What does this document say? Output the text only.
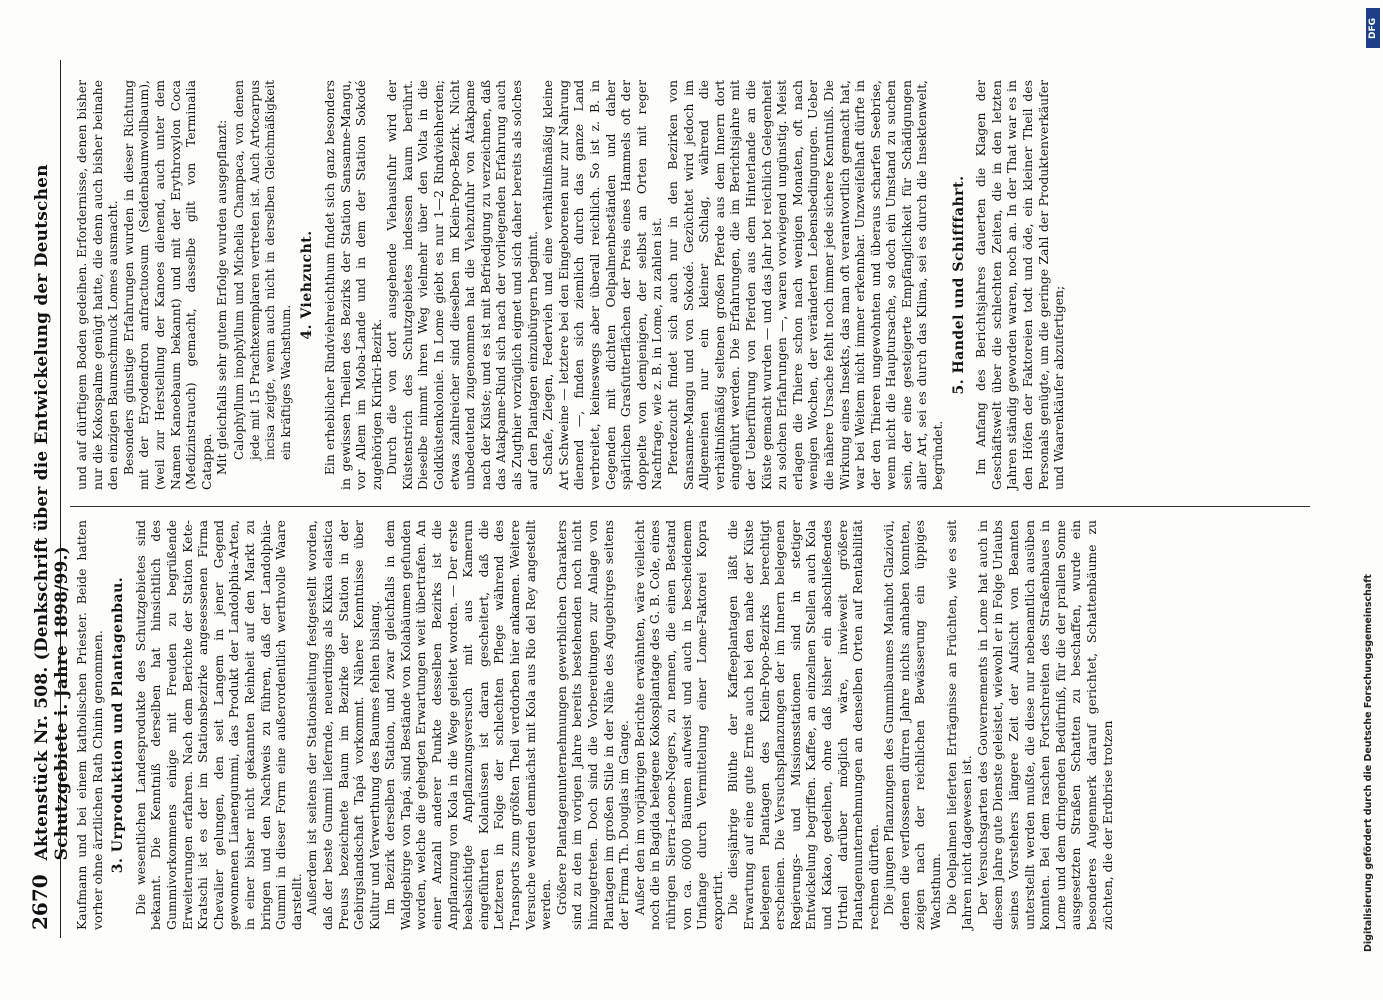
2670
Aktenstück Nr. 508. (Denkschrift über die Entwickelung der Deutschen Schutzgebiete i. Jahre 1898/99.) Kaufmann und bei einem katholischen Priester. Beide hatten vorher ohne ärztlichen Rath Chinin genommen. 3. Urproduktion und Plantagenbau. Die wesentlichen Landesprodukte des Schutzgebietes sind bekannt. Die Kenntniß derselben hat hinsichtlich des Gummivorkommens einige mit Freuden zu begrüßende Erweiterungen erfahren. Nach dem Berichte der Station Kete-Kratschi ist es der im Stationsbezirke angesessenen Firma Chevalier gelungen, den seit Langem in jener Gegend gewonnenen Lianengummi, das Produkt der Landolphia-Arten, in einer bisher nicht gekannten Reinheit auf den Markt zu bringen und den Nachweis zu führen, daß der Landolphia-Gummi in dieser Form eine außerordentlich werthvolle Waare darstellt. Außerdem ist seitens der Stationsleitung festgestellt worden, daß der beste Gummi liefernde, neuerdings als Kikxia elastica Preuss bezeichnete Baum im Bezirke der Station in der Gebirgslandschaft Tapá vorkommt. Nähere Kenntnisse über Kultur und Verwerthung des Baumes fehlen bislang. Im Bezirk derselben Station, und zwar gleichfalls in dem Waldgebirge von Tapá, sind Bestände von Kolabäumen gefunden worden, welche die gehegten Erwartungen weit übertrafen. An einer Anzahl anderer Punkte desselben Bezirks ist die Anpflanzung von Kola in die Wege geleitet worden. — Der erste beabsichtigte Anpflanzungsversuch mit aus Kamerun eingeführten Kolanüssen ist daran gescheitert, daß die Letzteren in Folge der schlechten Pflege während des Transports zum größten Theil verdorben hier ankamen. Weitere Versuche werden demnächst mit Kola aus Rio del Rey angestellt werden. Größere Plantagenunternehmungen gewerblichen Charakters sind zu den im vorigen Jahre bereits bestehenden noch nicht hinzugetreten. Doch sind die Vorbereitungen zur Anlage von Plantagen im großen Stile in der Nähe des Agugebirges seitens der Firma Th. Douglas im Gange. Außer den im vorjährigen Berichte erwähnten, wäre vielleicht noch die in Bagida belegene Kokosplantage des G. B. Cole, eines rührigen Sierra-Leone-Negers, zu nennen, die einen Bestand von ca. 6000 Bäumen aufweist und auch in bescheidenem Umfange durch Vermittelung einer Lome-Faktorei Kopra exportirt. Die diesjährige Blüthe der Kaffeeplantagen läßt die Erwartung auf eine gute Ernte auch bei den nahe der Küste belegenen Plantagen des Klein-Popo-Bezirks berechtigt erscheinen. Die Versuchspflanzungen der im Innern belegenen Regierungs- und Missionsstationen sind in stetiger Entwickelung begriffen. Kaffee, an einzelnen Stellen auch Kola und Kakao, gedeihen, ohne daß bisher ein abschließendes Urtheil darüber möglich wäre, inwieweit größere Plantagenunternehmungen an denselben Orten auf Rentabilität rechnen dürften. Die jungen Pflanzungen des Gummibaumes Manihot Glaziovii, denen die verflossenen dürren Jahre nichts anhaben konnten, zeigen nach der reichlichen Bewässerung ein üppiges Wachsthum. Die Oelpalmen lieferten Erträgnisse an Früchten, wie es seit Jahren nicht dagewesen ist. Der Versuchsgarten des Gouvernements in Lome hat auch in diesem Jahre gute Dienste geleistet, wiewohl er in Folge Urlaubs seines Vorstehers längere Zeit der Aufsicht von Beamten unterstellt werden mußte, die diese nur nebenamtlich ausüben konnten. Bei dem raschen Fortschreiten des Straßenbaues in Lome und dem dringenden Bedürfniß, für die der prallen Sonne ausgesetzten Straßen Schatten zu beschaffen, wurde ein besonderes Augenmerk darauf gerichtet, Schattenbäume zu züchten, die der Erdbrise trotzen

und auf dürftigem Boden gedeihen. Erfordernisse, denen bisher nur die Kokospalme genügt hatte, die denn auch bisher beinahe den einzigen Baumschmuck Lomes ausmacht. Besonders günstige Erfahrungen wurden in dieser Richtung mit der Eryodendron anfractuosum (Seidenbaumwollbaum), (weil zur Herstellung der Kanoes dienend, auch unter dem Namen Kanoebaum bekannt) und mit der Erythroxylon Coca (Medizinstrauch) gemacht, dasselbe gilt von Terminalia Catappa. Mit gleichfalls sehr gutem Erfolge wurden ausgepflanzt: Calophyllum inophyllum und Michelia Champaca, von denen jede mit 15 Prachtexemplaren vertreten ist. Auch Artocarpus incisa zeigte, wenn auch nicht in derselben Gleichmäßigkeit ein kräftiges Wachsthum.

4. Viehzucht. Ein erheblicher Rindviehreichthum findet sich ganz besonders in gewissen Theilen des Bezirks der Station Sansanne-Mangu, vor Allem im Moba-Lande und in dem der Station Sokodé zugehörigen Kirikri-Bezirk. Durch die von dort ausgehende Viehausfuhr wird der Küstenstrich des Schutzgebietes indessen kaum berührt. Dieselbe nimmt ihren Weg vielmehr über den Volta in die Goldküstenkolonie. In Lome giebt es nur 1—2 Rindviehherden; etwas zahlreicher sind dieselben im Klein-Popo-Bezirk. Nicht unbedeutend zugenommen hat die Viehzufuhr von Atakpame nach der Küste; und es ist mit Befriedigung zu verzeichnen, daß das Atakpame-Rind sich nach der vorliegenden Erfahrung auch als Zugthier vorzüglich eignet und sich daher bereits als solches auf den Plantagen einzubürgern beginnt. Schafe, Ziegen, Federvieh und eine verhältnißmäßig kleine Art Schweine — letztere bei den Eingeborenen nur zur Nahrung dienend —, finden sich ziemlich durch das ganze Land verbreitet, keineswegs aber überall reichlich. So ist z. B. in Gegenden mit dichten Oelpalmenbeständen und daher spärlichen Grasfutterflächen der Preis eines Hammels oft der doppelte von demjenigen, der selbst an Orten mit reger Nachfrage, wie z. B. in Lome, zu zahlen ist. Pferdezucht findet sich auch nur in den Bezirken von Sansanne-Mangu und von Sokodé. Gezüchtet wird jedoch im Allgemeinen nur ein kleiner Schlag, während die verhältnißmäßig seltenen großen Pferde aus dem Innern dort eingeführt werden. Die Erfahrungen, die im Berichtsjahre mit der Ueberführung von Pferden aus dem Hinterlande an die Küste gemacht wurden — und das Jahr bot reichlich Gelegenheit zu solchen Erfahrungen —, waren vorwiegend ungünstig. Meist erlagen die Thiere schon nach wenigen Monaten, oft nach wenigen Wochen, der veränderten Lebensbedingungen. Ueber die nähere Ursache fehlt noch immer jede sichere Kenntniß. Die Wirkung eines Insekts, das man oft verantwortlich gemacht hat, war bei Weitem nicht immer erkennbar. Unzweifelhaft dürfte in der den Thieren ungewohnten und überaus scharfen Seebrise, wenn nicht die Hauptursache, so doch ein Umstand zu suchen sein, der eine gesteigerte Empfänglichkeit für Schädigungen aller Art, sei es durch das Klima, sei es durch die Insektenwelt, begründet.

5. Handel und Schifffahrt. Im Anfang des Berichtsjahres dauerten die Klagen der Geschäftswelt über die schlechten Zeiten, die in den letzten Jahren ständig geworden waren, noch an. In der That war es in den Höfen der Faktoreien todt und öde, ein kleiner Theil des Personals genügte, um die geringe Zahl der Produktenverkäufer und Waarenkäufer abzufertigen;

DFG
Digitalisierung gefördert durch die Deutsche Forschungsgemeinschaft
